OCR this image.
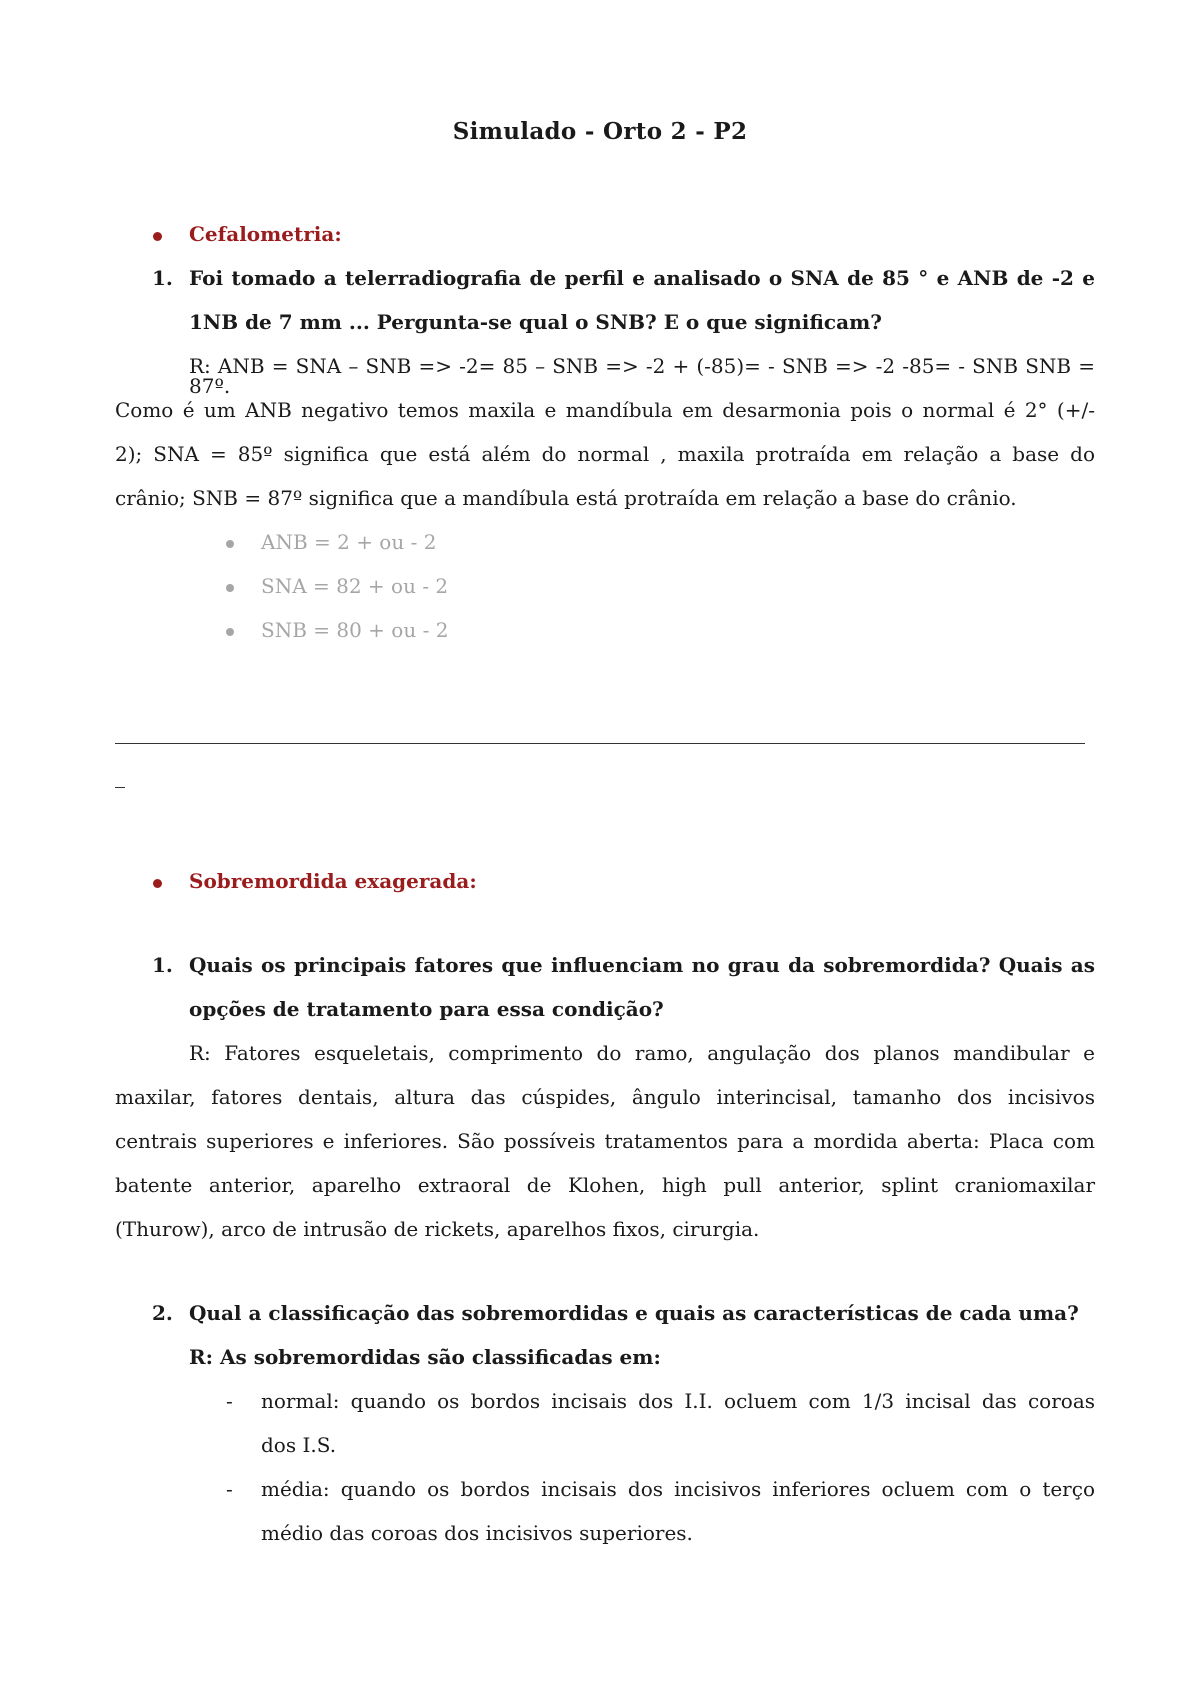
Simulado - Orto 2 - P2
Cefalometria:
1. Foi tomado a telerradiografia de perfil e analisado o SNA de 85 ° e ANB de -2 e
1NB de 7 mm ... Pergunta-se qual o SNB? E o que significam?
R: ANB = SNA – SNB => -2= 85 – SNB => -2 + (-85)= - SNB => -2 -85= - SNB SNB = 87º.
Como é um ANB negativo temos maxila e mandíbula em desarmonia pois o normal é 2° (+/-
2); SNA = 85º significa que está além do normal , maxila protraída em relação a base do
crânio; SNB = 87º significa que a mandíbula está protraída em relação a base do crânio.
ANB = 2 + ou - 2
SNA = 82 + ou - 2
SNB = 80 + ou - 2
Sobremordida exagerada:
1. Quais os principais fatores que influenciam no grau da sobremordida? Quais as
opções de tratamento para essa condição?
R: Fatores esqueletais, comprimento do ramo, angulação dos planos mandibular e
maxilar, fatores dentais, altura das cúspides, ângulo interincisal, tamanho dos incisivos
centrais superiores e inferiores. São possíveis tratamentos para a mordida aberta: Placa com
batente anterior, aparelho extraoral de Klohen, high pull anterior, splint craniomaxilar
(Thurow), arco de intrusão de rickets, aparelhos fixos, cirurgia.
2. Qual a classificação das sobremordidas e quais as características de cada uma?
R: As sobremordidas são classificadas em:
- normal: quando os bordos incisais dos I.I. ocluem com 1/3 incisal das coroas
dos I.S.
- média: quando os bordos incisais dos incisivos inferiores ocluem com o terço
médio das coroas dos incisivos superiores.
